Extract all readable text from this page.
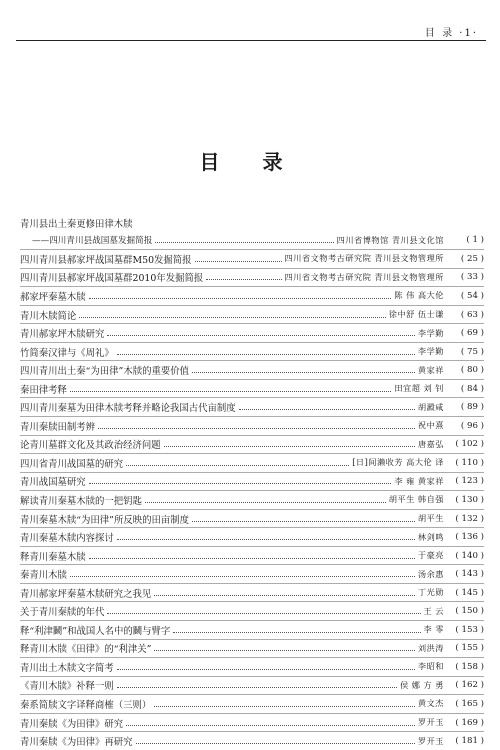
目 录 ·1·
目 录
青川县出土秦更修田律木牍
——四川青川县战国墓发掘简报	四川省博物馆 青川县文化馆	( 1 )
四川青川县郝家坪战国墓群M50发掘简报	四川省文物考古研究院 青川县文物管理所	( 25 )
四川青川县郝家坪战国墓群2010年发掘简报	四川省文物考古研究院 青川县文物管理所	( 33 )
郝家坪秦墓木牍	陈 伟 高大伦	( 54 )
青川木牍简论	徐中舒 伍士谦	( 63 )
青川郝家坪木牍研究	李学勤	( 69 )
竹简秦汉律与《周礼》	李学勤	( 75 )
四川青川出土秦“为田律”木牍的重要价值	黄家祥	( 80 )
秦田律考释	田宜超 刘 钊	( 84 )
四川青川秦墓为田律木牍考释并略论我国古代亩制度	胡澱咸	( 89 )
青川秦牍田制考辨	祝中熹	( 96 )
论青川墓群文化及其政治经济问题	唐嘉弘	( 102 )
四川省青川战国墓的研究	[日]间濑收芳 高大伦 译	( 110 )
青川战国墓研究	李 雍 黄家祥	( 123 )
解读青川秦墓木牍的一把钥匙	胡平生 韩自强	( 130 )
青川秦墓木牍“为田律”所反映的田亩制度	胡平生	( 132 )
青川秦墓木牍内容探讨	林剑鸣	( 136 )
释青川秦墓木牍	于豪亮	( 140 )
秦青川木牍	汤余惠	( 143 )
青川郝家坪秦墓木牍研究之我见	丁光勋	( 145 )
关于青川秦牍的年代	王 云	( 150 )
释“利津鬭”和战国人名中的鬭与臂字	李 零	( 153 )
释青川木牍《田律》的“利津关”	刘洪涛	( 155 )
青川出土木牍文字简考	李昭和	( 158 )
《青川木牍》补释一则	侯 娜 方 勇	( 162 )
秦系简牍文字译释商榷（三则）	黄文杰	( 165 )
青川秦牍《为田律》研究	罗开玉	( 169 )
青川秦牍《为田律》再研究	罗开玉	( 181 )
